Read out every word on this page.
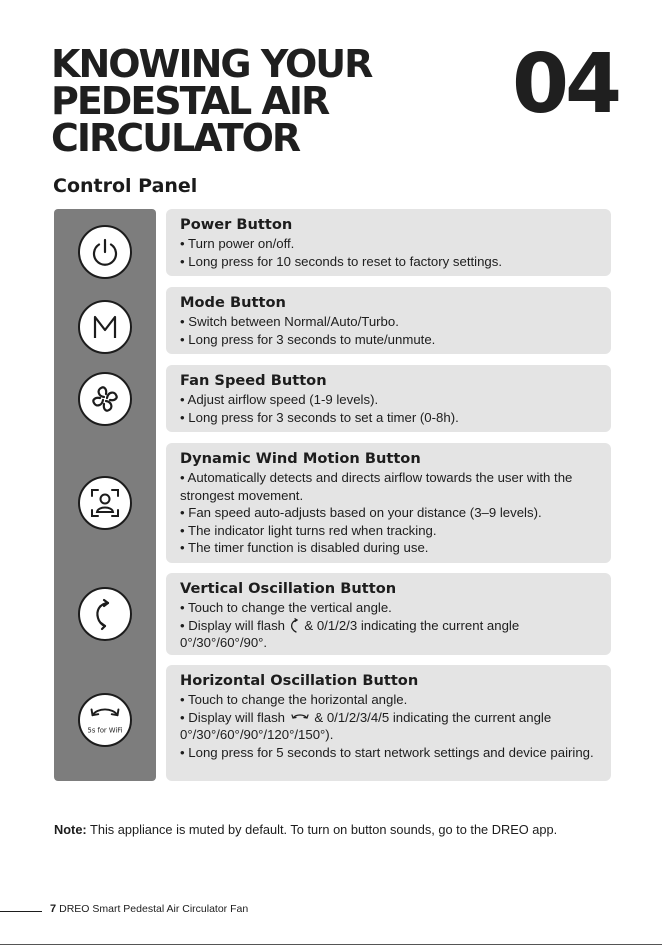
KNOWING YOUR
PEDESTAL AIR
CIRCULATOR
04
Control Panel
5s for WiFi
Power Button

• Turn power on/off.

• Long press for 10 seconds to reset to factory settings.

Mode Button

• Switch between Normal/Auto/Turbo.

• Long press for 3 seconds to mute/unmute.

Fan Speed Button

• Adjust airflow speed (1-9 levels).

• Long press for 3 seconds to set a timer (0-8h).

Dynamic Wind Motion Button

• Automatically detects and directs airflow towards the user with the strongest movement.

• Fan speed auto-adjusts based on your distance (3–9 levels).

• The indicator light turns red when tracking.

• The timer function is disabled during use.

Vertical Oscillation Button

• Touch to change the vertical angle.

• Display will flash & 0/1/2/3 indicating the current angle 0°/30°/60°/90°.

Horizontal Oscillation Button

• Touch to change the horizontal angle.

• Display will flash & 0/1/2/3/4/5 indicating the current angle 0°/30°/60°/90°/120°/150°).

• Long press for 5 seconds to start network settings and device pairing.

Note: This appliance is muted by default. To turn on button sounds, go to the DREO app.

7 DREO Smart Pedestal Air Circulator Fan
